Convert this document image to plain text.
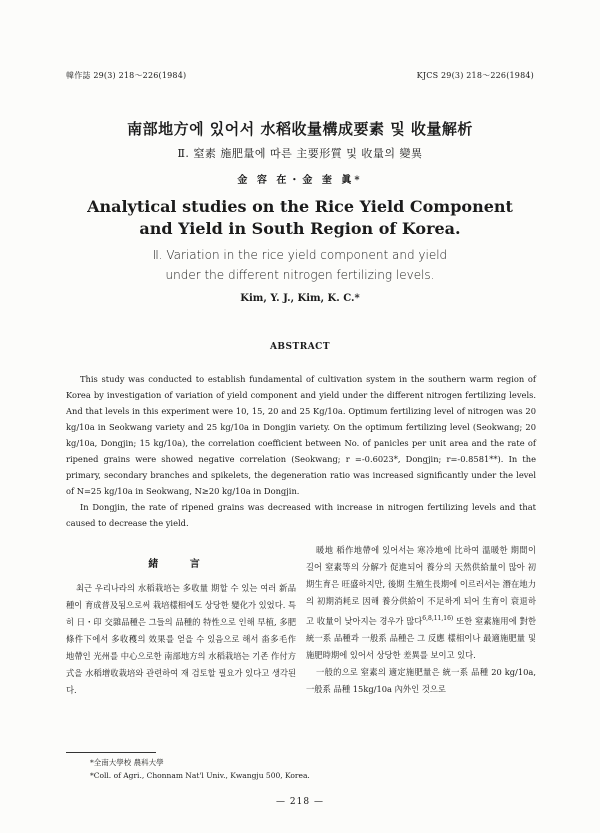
韓作誌 29(3) 218～226(1984)	KJCS 29(3) 218～226(1984)
南部地方에 있어서 水稻收量構成要素 및 收量解析
Ⅱ. 窒素 施肥量에 따른 主要形質 및 收量의 變異
金 容 在・金 奎 眞*
Analytical studies on the Rice Yield Component
and Yield in South Region of Korea.
Ⅱ. Variation in the rice yield component and yield
under the different nitrogen fertilizing levels.
Kim, Y. J., Kim, K. C.*
ABSTRACT

This study was conducted to establish fundamental of cultivation system in the southern warm region of Korea by investigation of variation of yield component and yield under the different nitrogen fertilizing levels. And that levels in this experiment were 10, 15, 20 and 25 Kg/10a. Optimum fertilizing level of nitrogen was 20 kg/10a in Seokwang variety and 25 kg/10a in Dongjin variety. On the optimum fertilizing level (Seokwang; 20 kg/10a, Dongjin; 15 kg/10a), the correlation coefficient between No. of panicles per unit area and the rate of ripened grains were showed negative correlation (Seokwang; r =-0.6023*, Dongjin; r=-0.8581**). In the primary, secondary branches and spikelets, the degeneration ratio was increased significantly under the level of N=25 kg/10a in Seokwang, N≥20 kg/10a in Dongjin.

In Dongjin, the rate of ripened grains was decreased with increase in nitrogen fertilizing levels and that caused to decrease the yield.

緒 言

최근 우리나라의 水稻栽培는 多收量 期할 수 있는 여러 新品種이 育成普及됨으로써 栽培樣相에도 상당한 變化가 있었다. 특히 日・印 交雜品種은 그들의 品種的 特性으로 인해 早植, 多肥條件下에서 多收穫의 效果를 얻을 수 있음으로 해서 畓多毛作地帶인 光州를 中心으로한 南部地方의 水稻栽培는 기존 作付方式을 水稻增收栽培와 관련하여 재 검토할 필요가 있다고 생각된다.

暖地 稻作地帶에 있어서는 寒冷地에 比하여 溫暖한 期間이 길어 窒素等의 分解가 促進되어 養分의 天然供給量이 많아 初期生育은 旺盛하지만, 後期 生殖生長期에 이르러서는 潛在地力의 初期消耗로 因해 養分供給이 不足하게 되어 生育이 衰退하고 收量이 낮아지는 경우가 많다$^{6,8,11,16)}$ 또한 窒素施用에 對한 統一系 品種과 一般系 品種은 그 反應 樣相이나 最適施肥量 및 施肥時期에 있어서 상당한 差異를 보이고 있다.

一般的으로 窒素의 適定施肥量은 統一系 品種 20 kg/10a, 一般系 品種 15kg/10a 內外인 것으로

*全南大學校 農科大學
*Coll. of Agri., Chonnam Nat'l Univ., Kwangju 500, Korea.
— 218 —
